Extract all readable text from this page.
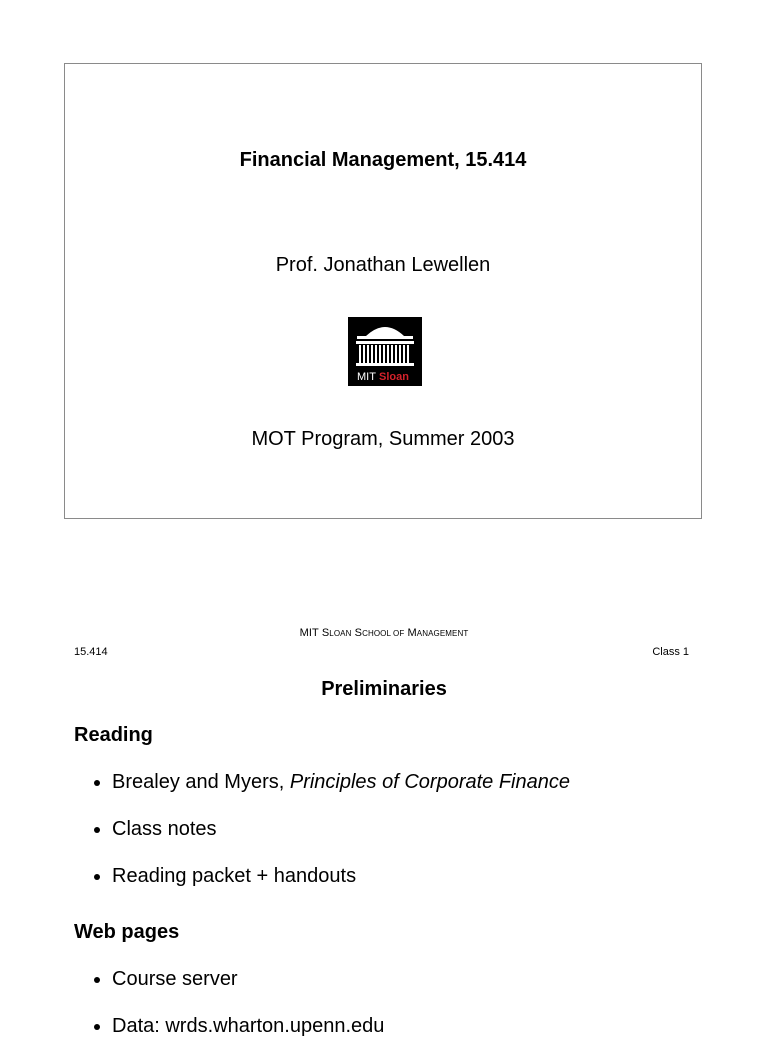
Financial Management, 15.414
Prof. Jonathan Lewellen
MIT Sloan
MOT Program, Summer 2003
MIT SLOAN SCHOOL OF MANAGEMENT
15.414	Class 1
Preliminaries
Reading
Brealey and Myers, Principles of Corporate Finance
Class notes
Reading packet + handouts
Web pages
Course server
Data: wrds.wharton.upenn.edu
